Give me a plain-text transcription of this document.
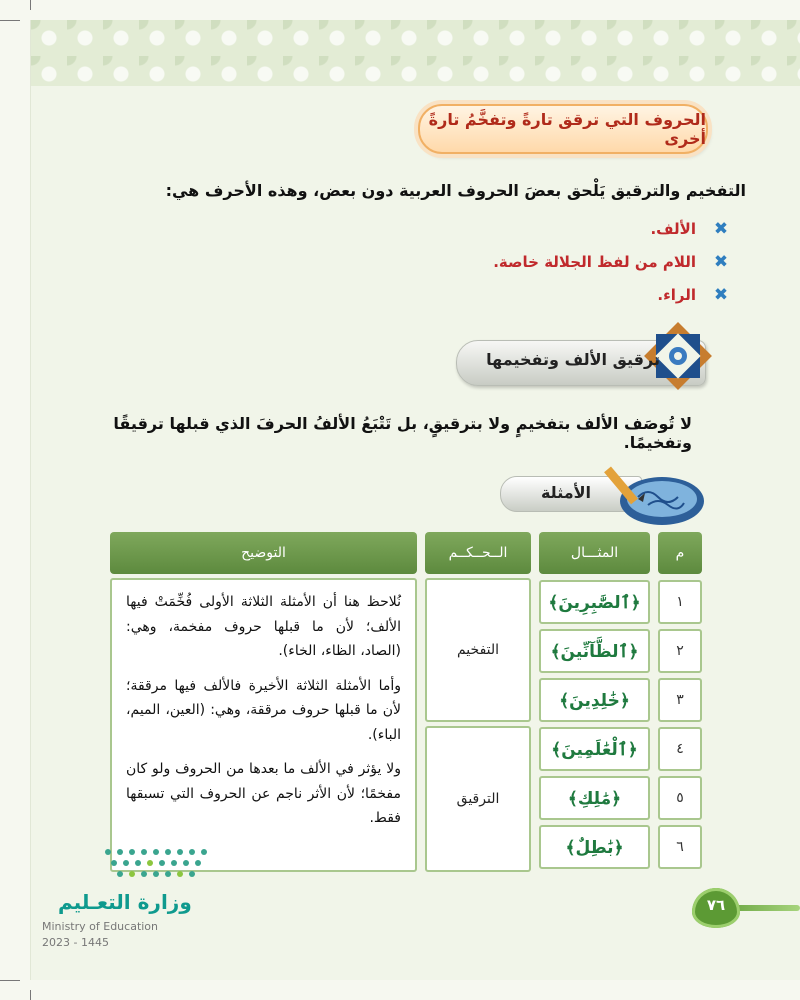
الحروف التي ترقق تارةً وتفخَّمُ تارةً أخرى
التفخيم والترقيق يَلْحق بعضَ الحروف العربية دون بعض، وهذه الأحرف هي:
✖
الألف.
✖
اللام من لفظ الجلالة خاصة.
✖
الراء.
ترقيق الألف وتفخيمها
لا تُوصَف الألف بتفخيمٍ ولا بترقيقٍ، بل تَتْبَعُ الألفُ الحرفَ الذي قبلها ترقيقًا وتفخيمًا.
الأمثلة
م
المثـــال
الــحــكــم
التوضيح
١
﴿ٱلصَّٰبِرِينَ﴾
٢
﴿ٱلظَّآنِّينَ﴾
٣
﴿خَٰلِدِينَ﴾
٤
﴿ٱلْعَٰلَمِينَ﴾
٥
﴿مَٰلِكِ﴾
٦
﴿بَٰطِلٌ﴾
التفخيم
الترقيق

نُلاحظ هنا أن الأمثلة الثلاثة الأولى فُخِّمَتْ فيها الألف؛ لأن ما قبلها حروف مفخمة، وهي: (الصاد، الظاء، الخاء).

وأما الأمثلة الثلاثة الأخيرة فالألف فيها مرققة؛ لأن ما قبلها حروف مرققة، وهي: (العين، الميم، الباء).

ولا يؤثر في الألف ما بعدها من الحروف ولو كان مفخمًا؛ لأن الأثر ناجم عن الحروف التي تسبقها فقط.

وزارة التعـليم
Ministry of Education
2023 - 1445
٧٦
